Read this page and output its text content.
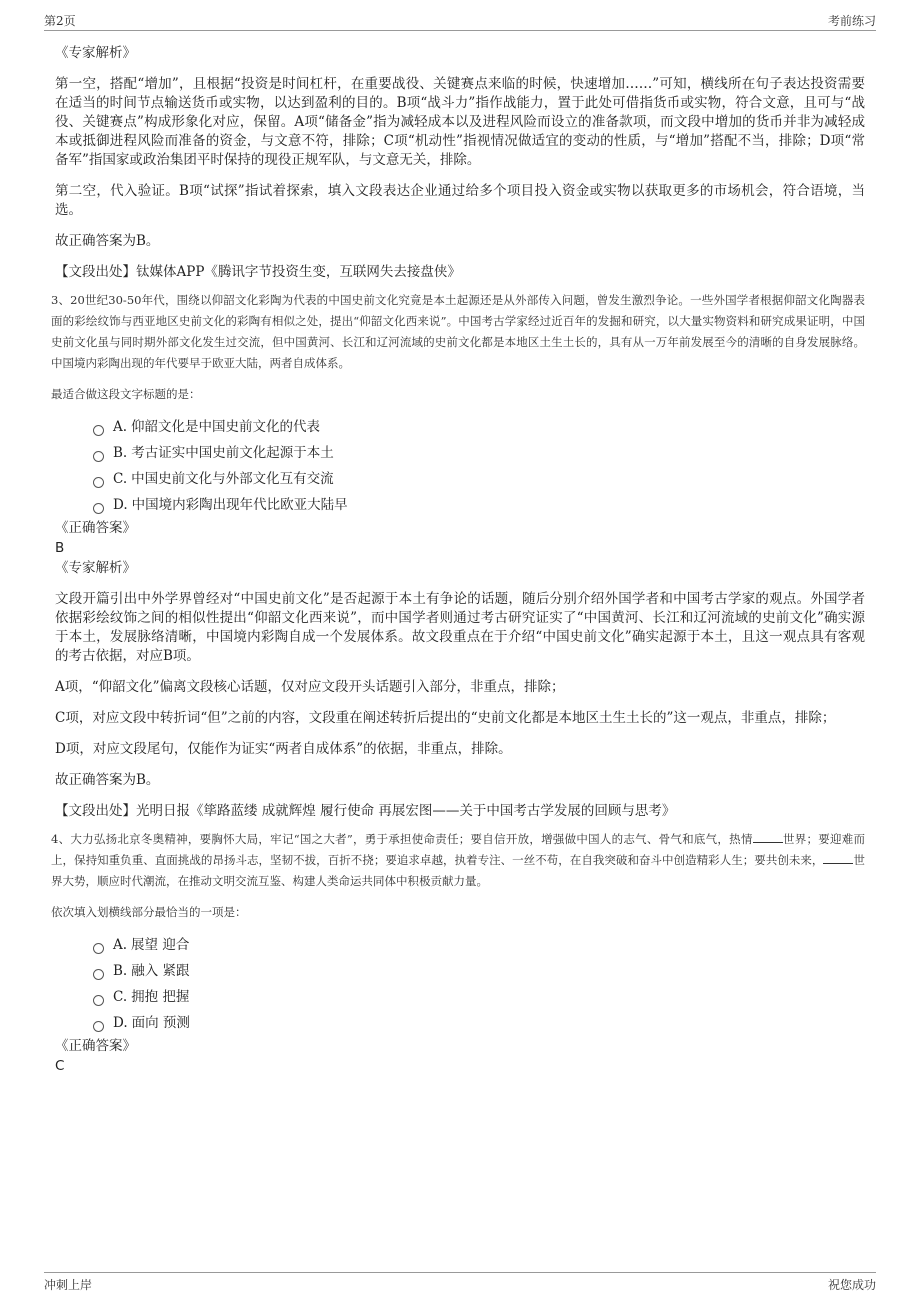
第2页	考前练习
《专家解析》

第一空，搭配“增加”，且根据“投资是时间杠杆，在重要战役、关键赛点来临的时候，快速增加……”可知，横线所在句子表达投资需要在适当的时间节点输送货币或实物，以达到盈利的目的。B项“战斗力”指作战能力，置于此处可借指货币或实物，符合文意，且可与“战役、关键赛点”构成形象化对应，保留。A项“储备金”指为减轻成本以及进程风险而设立的准备款项，而文段中增加的货币并非为减轻成本或抵御进程风险而准备的资金，与文意不符，排除；C项“机动性”指视情况做适宜的变动的性质，与“增加”搭配不当，排除；D项“常备军”指国家或政治集团平时保持的现役正规军队，与文意无关，排除。

第二空，代入验证。B项“试探”指试着探索，填入文段表达企业通过给多个项目投入资金或实物以获取更多的市场机会，符合语境，当选。

故正确答案为B。

【文段出处】钛媒体APP《腾讯字节投资生变，互联网失去接盘侠》

3、20世纪30-50年代，围绕以仰韶文化彩陶为代表的中国史前文化究竟是本土起源还是从外部传入问题，曾发生激烈争论。一些外国学者根据仰韶文化陶器表面的彩绘纹饰与西亚地区史前文化的彩陶有相似之处，提出“仰韶文化西来说”。中国考古学家经过近百年的发掘和研究，以大量实物资料和研究成果证明，中国史前文化虽与同时期外部文化发生过交流，但中国黄河、长江和辽河流域的史前文化都是本地区土生土长的，具有从一万年前发展至今的清晰的自身发展脉络。中国境内彩陶出现的年代要早于欧亚大陆，两者自成体系。

最适合做这段文字标题的是：

A. 仰韶文化是中国史前文化的代表
B. 考古证实中国史前文化起源于本土
C. 中国史前文化与外部文化互有交流
D. 中国境内彩陶出现年代比欧亚大陆早
《正确答案》
B
《专家解析》

文段开篇引出中外学界曾经对“中国史前文化”是否起源于本土有争论的话题，随后分别介绍外国学者和中国考古学家的观点。外国学者依据彩绘纹饰之间的相似性提出“仰韶文化西来说”，而中国学者则通过考古研究证实了“中国黄河、长江和辽河流域的史前文化”确实源于本土，发展脉络清晰，中国境内彩陶自成一个发展体系。故文段重点在于介绍“中国史前文化”确实起源于本土，且这一观点具有客观的考古依据，对应B项。

A项，“仰韶文化”偏离文段核心话题，仅对应文段开头话题引入部分，非重点，排除；

C项，对应文段中转折词“但”之前的内容，文段重在阐述转折后提出的“史前文化都是本地区土生土长的”这一观点，非重点，排除；

D项，对应文段尾句，仅能作为证实“两者自成体系”的依据，非重点，排除。

故正确答案为B。

【文段出处】光明日报《筚路蓝缕 成就辉煌 履行使命 再展宏图——关于中国考古学发展的回顾与思考》

4、大力弘扬北京冬奥精神，要胸怀大局，牢记“国之大者”，勇于承担使命责任；要自信开放，增强做中国人的志气、骨气和底气，热情	世界；要迎难而上，保持知重负重、直面挑战的昂扬斗志，坚韧不拔，百折不挠；要追求卓越，执着专注、一丝不苟，在自我突破和奋斗中创造精彩人生；要共创未来，	世界大势，顺应时代潮流，在推动文明交流互鉴、构建人类命运共同体中积极贡献力量。

依次填入划横线部分最恰当的一项是：

A. 展望 迎合
B. 融入 紧跟
C. 拥抱 把握
D. 面向 预测
《正确答案》
C
冲刺上岸	祝您成功
